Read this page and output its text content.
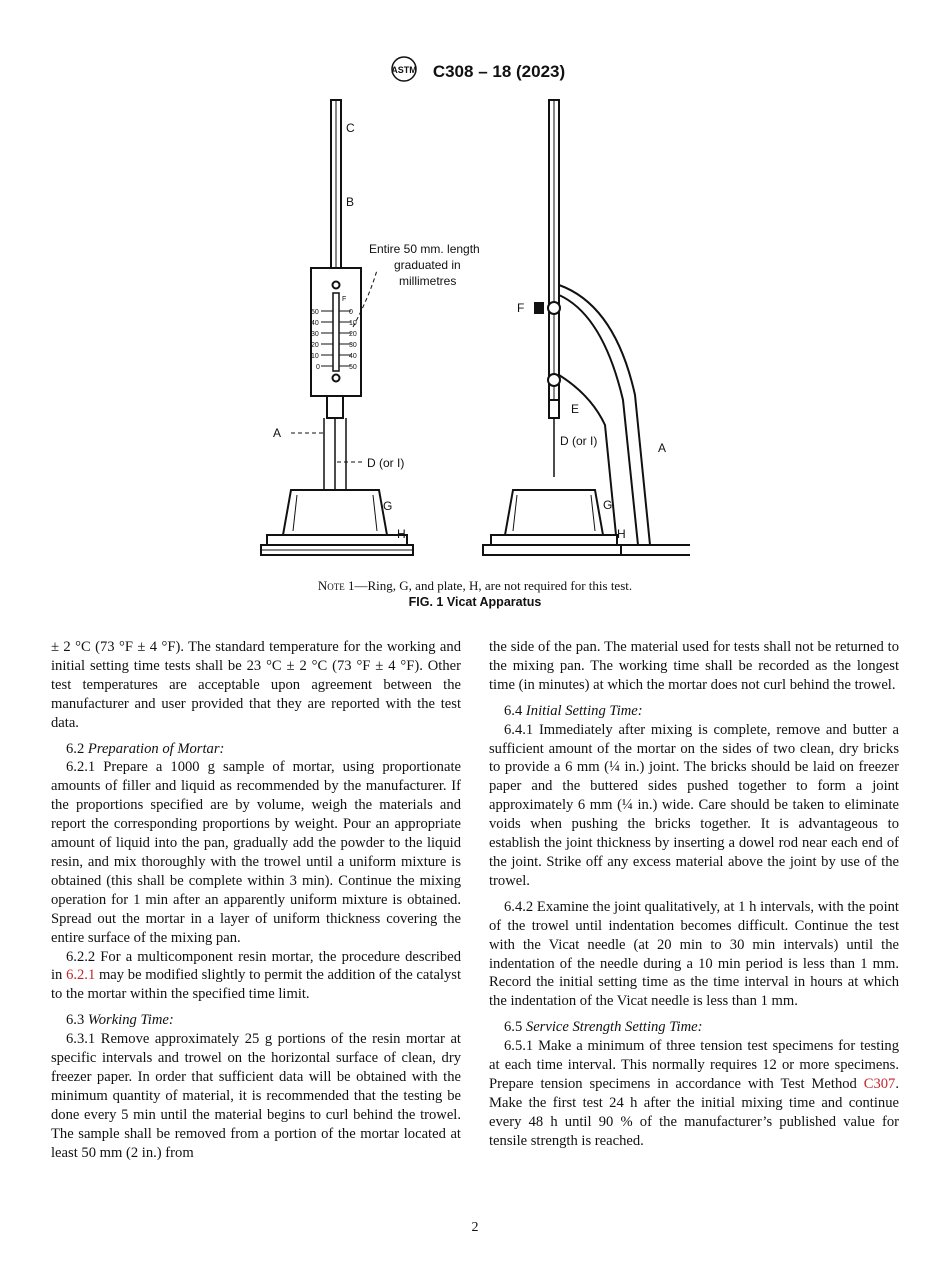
ASTM C308 – 18 (2023)
C
B
A
D (or I)
G
H
F
Entire 50 mm. length
graduated in
millimetres
50
40
30
20
10
0
0
10
20
30
40
50
F
E
D (or I)	A
G
H
Note 1—Ring, G, and plate, H, are not required for this test.
FIG. 1 Vicat Apparatus

± 2 °C (73 °F ± 4 °F). The standard temperature for the working and initial setting time tests shall be 23 °C ± 2 °C (73 °F ± 4 °F). Other test temperatures are acceptable upon agreement between the manufacturer and user provided that they are reported with the test data.

6.2 Preparation of Mortar:

6.2.1 Prepare a 1000 g sample of mortar, using proportionate amounts of filler and liquid as recommended by the manufacturer. If the proportions specified are by volume, weigh the materials and report the corresponding proportions by weight. Pour an appropriate amount of liquid into the pan, gradually add the powder to the liquid resin, and mix thoroughly with the trowel until a uniform mixture is obtained (this shall be complete within 3 min). Continue the mixing operation for 1 min after an apparently uniform mixture is obtained. Spread out the mortar in a layer of uniform thickness covering the entire surface of the mixing pan.

6.2.2 For a multicomponent resin mortar, the procedure described in 6.2.1 may be modified slightly to permit the addition of the catalyst to the mortar within the specified time limit.

6.3 Working Time:

6.3.1 Remove approximately 25 g portions of the resin mortar at specific intervals and trowel on the horizontal surface of clean, dry freezer paper. In order that sufficient data will be obtained with the minimum quantity of material, it is recommended that the testing be done every 5 min until the material begins to curl behind the trowel. The sample shall be removed from a portion of the mortar located at least 50 mm (2 in.) from

the side of the pan. The material used for tests shall not be returned to the mixing pan. The working time shall be recorded as the longest time (in minutes) at which the mortar does not curl behind the trowel.

6.4 Initial Setting Time:

6.4.1 Immediately after mixing is complete, remove and butter a sufficient amount of the mortar on the sides of two clean, dry bricks to provide a 6 mm (¼ in.) joint. The bricks should be laid on freezer paper and the buttered sides pushed together to form a joint approximately 6 mm (¼ in.) wide. Care should be taken to eliminate voids when pushing the bricks together. It is advantageous to establish the joint thickness by inserting a dowel rod near each end of the joint. Strike off any excess material above the joint by use of the trowel.

6.4.2 Examine the joint qualitatively, at 1 h intervals, with the point of the trowel until indentation becomes difficult. Continue the test with the Vicat needle (at 20 min to 30 min intervals) until the indentation of the needle during a 10 min period is less than 1 mm. Record the initial setting time as the time interval in hours at which the indentation of the Vicat needle is less than 1 mm.

6.5 Service Strength Setting Time:

6.5.1 Make a minimum of three tension test specimens for testing at each time interval. This normally requires 12 or more specimens. Prepare tension specimens in accordance with Test Method C307. Make the first test 24 h after the initial mixing time and continue every 48 h until 90 % of the manufacturer’s published value for tensile strength is reached.

2
